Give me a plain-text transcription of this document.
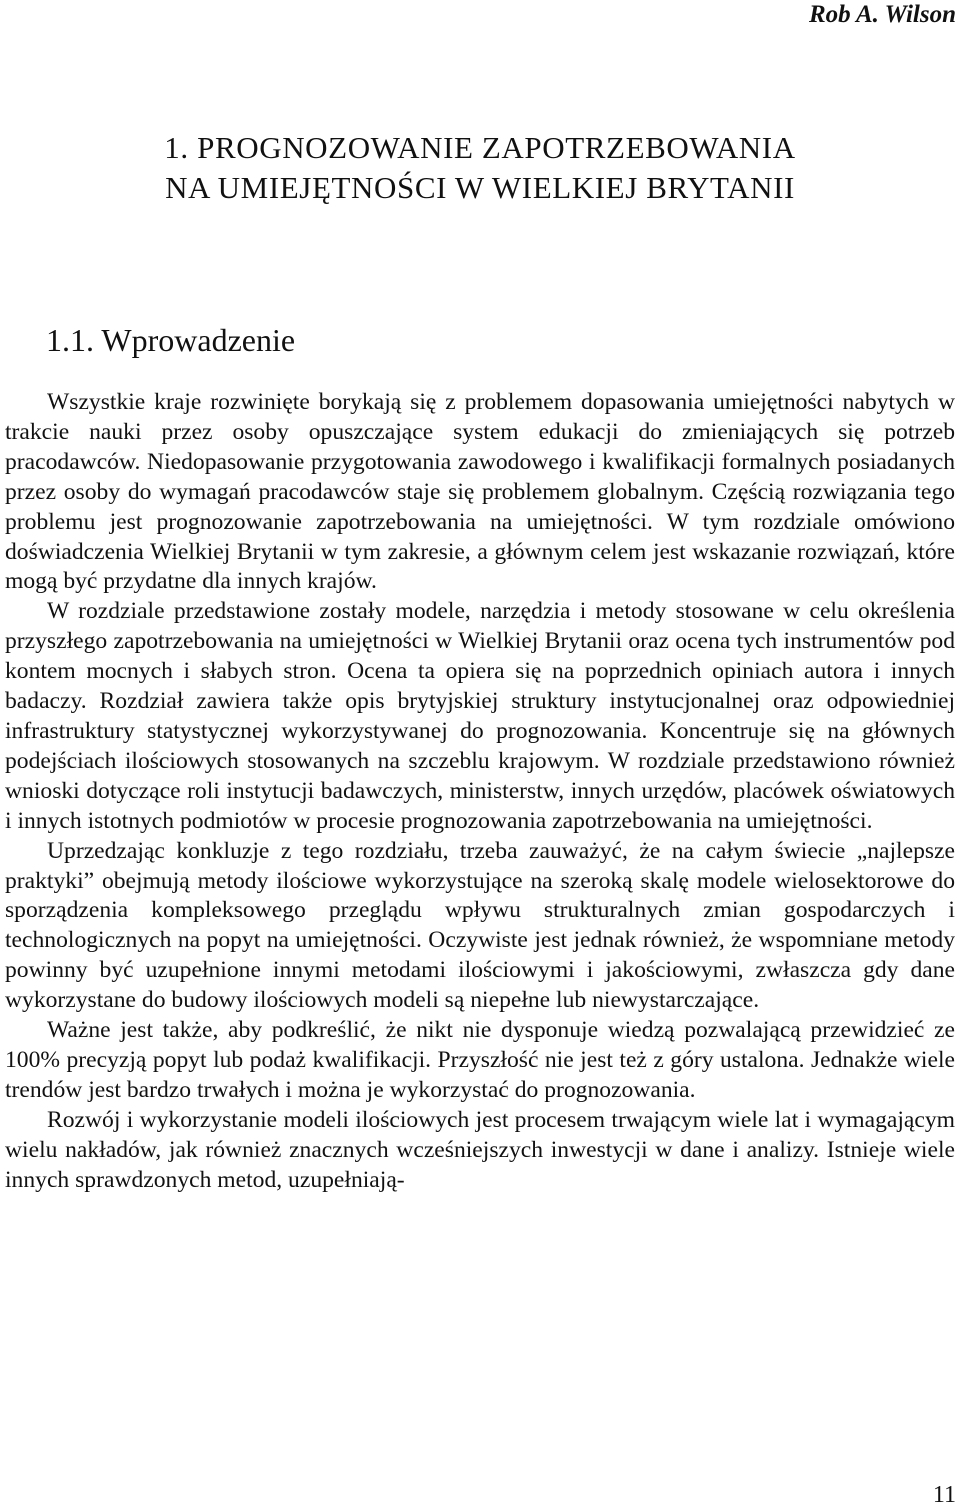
Rob A. Wilson
1. PROGNOZOWANIE ZAPOTRZEBOWANIA
NA UMIEJĘTNOŚCI W WIELKIEJ BRYTANII
1.1. Wprowadzenie

Wszystkie kraje rozwinięte borykają się z problemem dopasowania umiejętności nabytych w trakcie nauki przez osoby opuszczające system edukacji do zmieniających się potrzeb pracodawców. Niedopasowanie przygotowania zawodowego i kwalifikacji formalnych posiadanych przez osoby do wymagań pracodawców staje się problemem globalnym. Częścią rozwiązania tego problemu jest prognozowanie zapotrzebowania na umiejętności. W tym rozdziale omówiono doświadczenia Wielkiej Brytanii w tym zakresie, a głównym celem jest wskazanie rozwiązań, które mogą być przydatne dla innych krajów.

W rozdziale przedstawione zostały modele, narzędzia i metody stosowane w celu określenia przyszłego zapotrzebowania na umiejętności w Wielkiej Brytanii oraz ocena tych instrumentów pod kontem mocnych i słabych stron. Ocena ta opiera się na poprzednich opiniach autora i innych badaczy. Rozdział zawiera także opis brytyjskiej struktury instytucjonalnej oraz odpowiedniej infrastruktury statystycznej wykorzystywanej do prognozowania. Koncentruje się na głównych podejściach ilościowych stosowanych na szczeblu krajowym. W rozdziale przedstawiono również wnioski dotyczące roli instytucji badawczych, ministerstw, innych urzędów, placówek oświatowych i innych istotnych podmiotów w procesie prognozowania zapotrzebowania na umiejętności.

Uprzedzając konkluzje z tego rozdziału, trzeba zauważyć, że na całym świecie „najlepsze praktyki” obejmują metody ilościowe wykorzystujące na szeroką skalę modele wielosektorowe do sporządzenia kompleksowego przeglądu wpływu strukturalnych zmian gospodarczych i technologicznych na popyt na umiejętności. Oczywiste jest jednak również, że wspomniane metody powinny być uzupełnione innymi metodami ilościowymi i jakościowymi, zwłaszcza gdy dane wykorzystane do budowy ilościowych modeli są niepełne lub niewystarczające.

Ważne jest także, aby podkreślić, że nikt nie dysponuje wiedzą pozwalającą przewidzieć ze 100% precyzją popyt lub podaż kwalifikacji. Przyszłość nie jest też z góry ustalona. Jednakże wiele trendów jest bardzo trwałych i można je wykorzystać do prognozowania.

Rozwój i wykorzystanie modeli ilościowych jest procesem trwającym wiele lat i wymagającym wielu nakładów, jak również znacznych wcześniejszych inwestycji w dane i analizy. Istnieje wiele innych sprawdzonych metod, uzupełniają-

11
